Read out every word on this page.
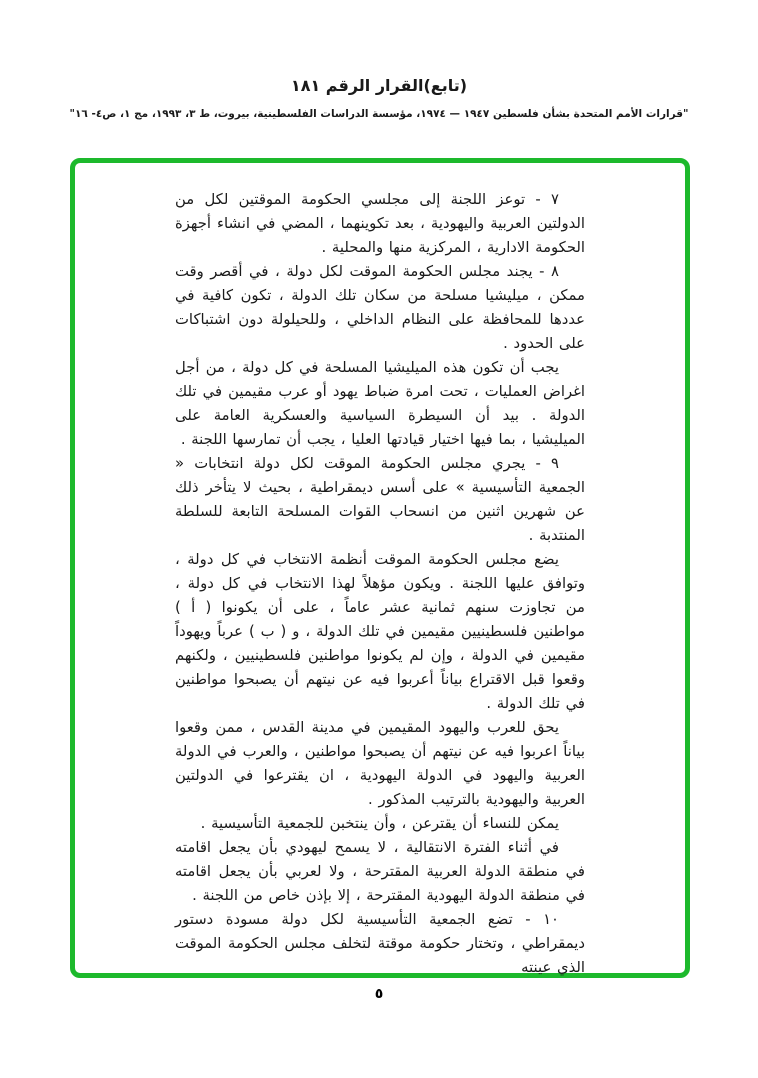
(تابع)القرار الرقم ١٨١
"قرارات الأمم المتحدة بشأن فلسطين ١٩٤٧ — ١٩٧٤، مؤسسة الدراسات الفلسطينية، بيروت، ط ٣، ١٩٩٣، مج ١، ص٤- ١٦"

٧ - توعز اللجنة إلى مجلسي الحكومة الموقتين لكل من الدولتين العربية واليهودية ، بعد تكوينهما ، المضي في انشاء أجهزة الحكومة الادارية ، المركزية منها والمحلية .

٨ - يجند مجلس الحكومة الموقت لكل دولة ، في أقصر وقت ممكن ، ميليشيا مسلحة من سكان تلك الدولة ، تكون كافية في عددها للمحافظة على النظام الداخلي ، وللحيلولة دون اشتباكات على الحدود .

يجب أن تكون هذه الميليشيا المسلحة في كل دولة ، من أجل اغراض العمليات ، تحت امرة ضباط يهود أو عرب مقيمين في تلك الدولة . بيد أن السيطرة السياسية والعسكرية العامة على الميليشيا ، بما فيها اختيار قيادتها العليا ، يجب أن تمارسها اللجنة .

٩ - يجري مجلس الحكومة الموقت لكل دولة انتخابات « الجمعية التأسيسية » على أسس ديمقراطية ، بحيث لا يتأخر ذلك عن شهرين اثنين من انسحاب القوات المسلحة التابعة للسلطة المنتدبة .

يضع مجلس الحكومة الموقت أنظمة الانتخاب في كل دولة ، وتوافق عليها اللجنة . ويكون مؤهلاً لهذا الانتخاب في كل دولة ، من تجاوزت سنهم ثمانية عشر عاماً ، على أن يكونوا ( أ ) مواطنين فلسطينيين مقيمين في تلك الدولة ، و ( ب ) عرباً ويهوداً مقيمين في الدولة ، وإن لم يكونوا مواطنين فلسطينيين ، ولكنهم وقعوا قبل الاقتراع بياناً أعربوا فيه عن نيتهم أن يصبحوا مواطنين في تلك الدولة .

يحق للعرب واليهود المقيمين في مدينة القدس ، ممن وقعوا بياناً اعربوا فيه عن نيتهم أن يصبحوا مواطنين ، والعرب في الدولة العربية واليهود في الدولة اليهودية ، ان يقترعوا في الدولتين العربية واليهودية بالترتيب المذكور .

يمكن للنساء أن يقترعن ، وأن ينتخبن للجمعية التأسيسية .

في أثناء الفترة الانتقالية ، لا يسمح ليهودي بأن يجعل اقامته في منطقة الدولة العربية المقترحة ، ولا لعربي بأن يجعل اقامته في منطقة الدولة اليهودية المقترحة ، إلا بإذن خاص من اللجنة .

١٠ - تضع الجمعية التأسيسية لكل دولة مسودة دستور ديمقراطي ، وتختار حكومة موقتة لتخلف مجلس الحكومة الموقت الذي عينته

٥
